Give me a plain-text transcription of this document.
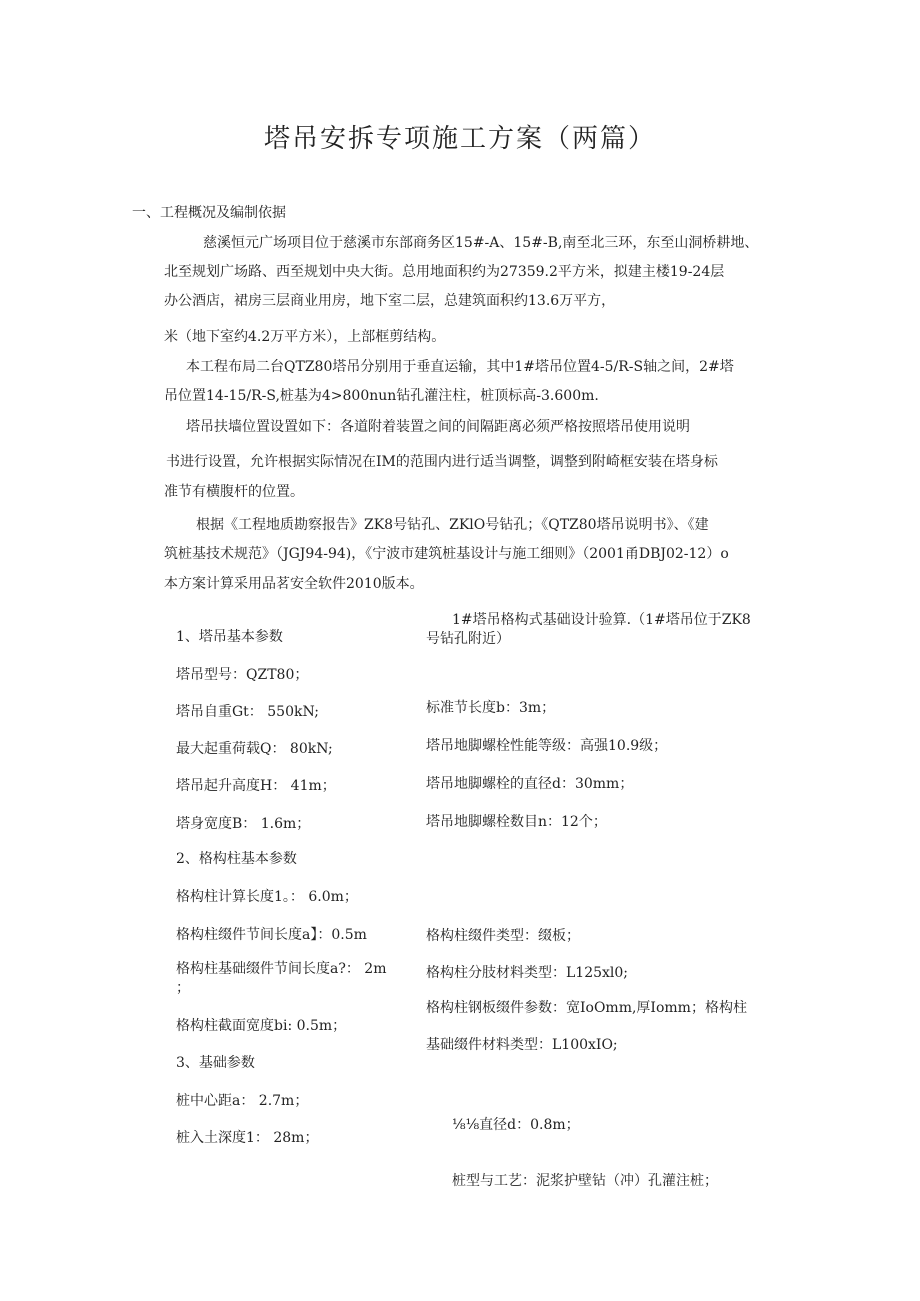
塔吊安拆专项施工方案（两篇）
一、工程概况及编制依据
慈溪恒元广场项目位于慈溪市东部商务区15#-A、15#-B,南至北三环，东至山洞桥耕地、
北至规划广场路、西至规划中央大街。总用地面积约为27359.2平方米，拟建主楼19-24层
办公酒店，裙房三层商业用房，地下室二层，总建筑面积约13.6万平方，
米（地下室约4.2万平方米），上部框剪结构。
本工程布局二台QTZ80塔吊分别用于垂直运输，其中1#塔吊位置4-5/R-S轴之间，2#塔
吊位置14-15/R-S,桩基为4>800nun钻孔灌注柱，桩顶标高-3.600m.
塔吊扶墙位置设置如下：各道附着装置之间的间隔距离必须严格按照塔吊使用说明
书进行设置，允许根据实际情况在IM的范围内进行适当调整，调整到附崎框安装在塔身标
准节有横腹杆的位置。
根据《工程地质勘察报告》ZK8号钻孔、ZKlO号钻孔；《QTZ80塔吊说明书》、《建
筑桩基技术规范》（JGJ94-94)，《宁波市建筑桩基设计与施工细则》（2001甬DBJ02-12）o
本方案计算采用品茗安全软件2010版本。
1#塔吊格构式基础设计验算.（1#塔吊位于ZK8
号钻孔附近）
1、塔吊基本参数
塔吊型号：QZT80；
塔吊自重Gt： 550kN;
最大起重荷载Q： 80kN;
塔吊起升高度H： 41m；
塔身宽度B： 1.6m；
标准节长度b：3m；
塔吊地脚螺栓性能等级：高强10.9级；
塔吊地脚螺栓的直径d：30mm；
塔吊地脚螺栓数目n：12个；
2、格构柱基本参数
格构柱计算长度1。： 6.0m；
格构柱缀件节间长度a】：0.5m
格构柱基础缀件节间长度a?： 2m
；
格构柱截面宽度bi: 0.5m；
格构柱缀件类型：缀板；
格构柱分肢材料类型：L125xl0;
格构柱钢板缀件参数：宽IoOmm,厚Iomm；格构柱
基础缀件材料类型：L100xIO;
3、基础参数
桩中心距a： 2.7m；
桩入土深度1： 28m；
⅛⅛直径d：0.8m；
桩型与工艺：泥浆护壁钻（冲）孔灌注桩；
